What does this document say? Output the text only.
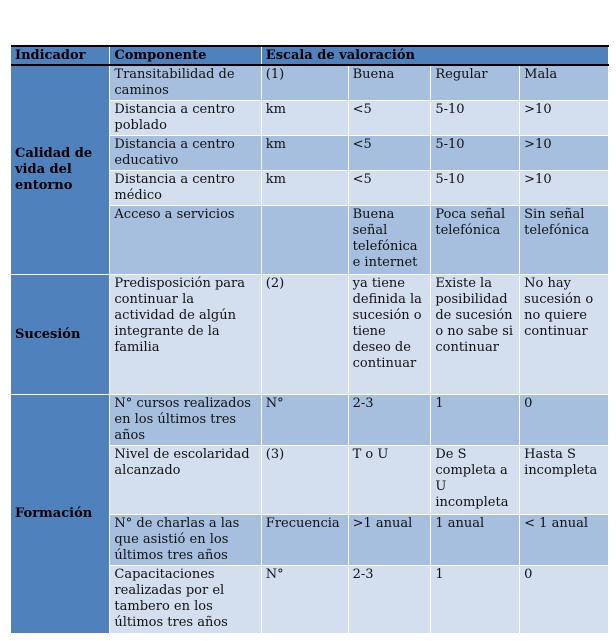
Indicador	Componente	Escala de valoración			
Calidad de vida del entorno	Transitabilidad de caminos	(1)	Buena	Regular	Mala
	Distancia a centro poblado	km	<5	5-10	>10
	Distancia a centro educativo	km	<5	5-10	>10
	Distancia a centro médico	km	<5	5-10	>10
	Acceso a servicios		Buena señal telefónica e internet	Poca señal telefónica	Sin señal telefónica
Sucesión	Predisposición para continuar la actividad de algún integrante de la familia	(2)	ya tiene definida la sucesión o tiene deseo de continuar	Existe la posibilidad de sucesión o no sabe si continuar	No hay sucesión o no quiere continuar
Formación	N° cursos realizados en los últimos tres años	N°	2-3	1	0
	Nivel de escolaridad alcanzado	(3)	T o U	De S completa a U incompleta	Hasta S incompleta
	N° de charlas a las que asistió en los últimos tres años	Frecuencia	>1 anual	1 anual	< 1 anual
	Capacitaciones realizadas por el tambero en los últimos tres años	N°	2-3	1	0
